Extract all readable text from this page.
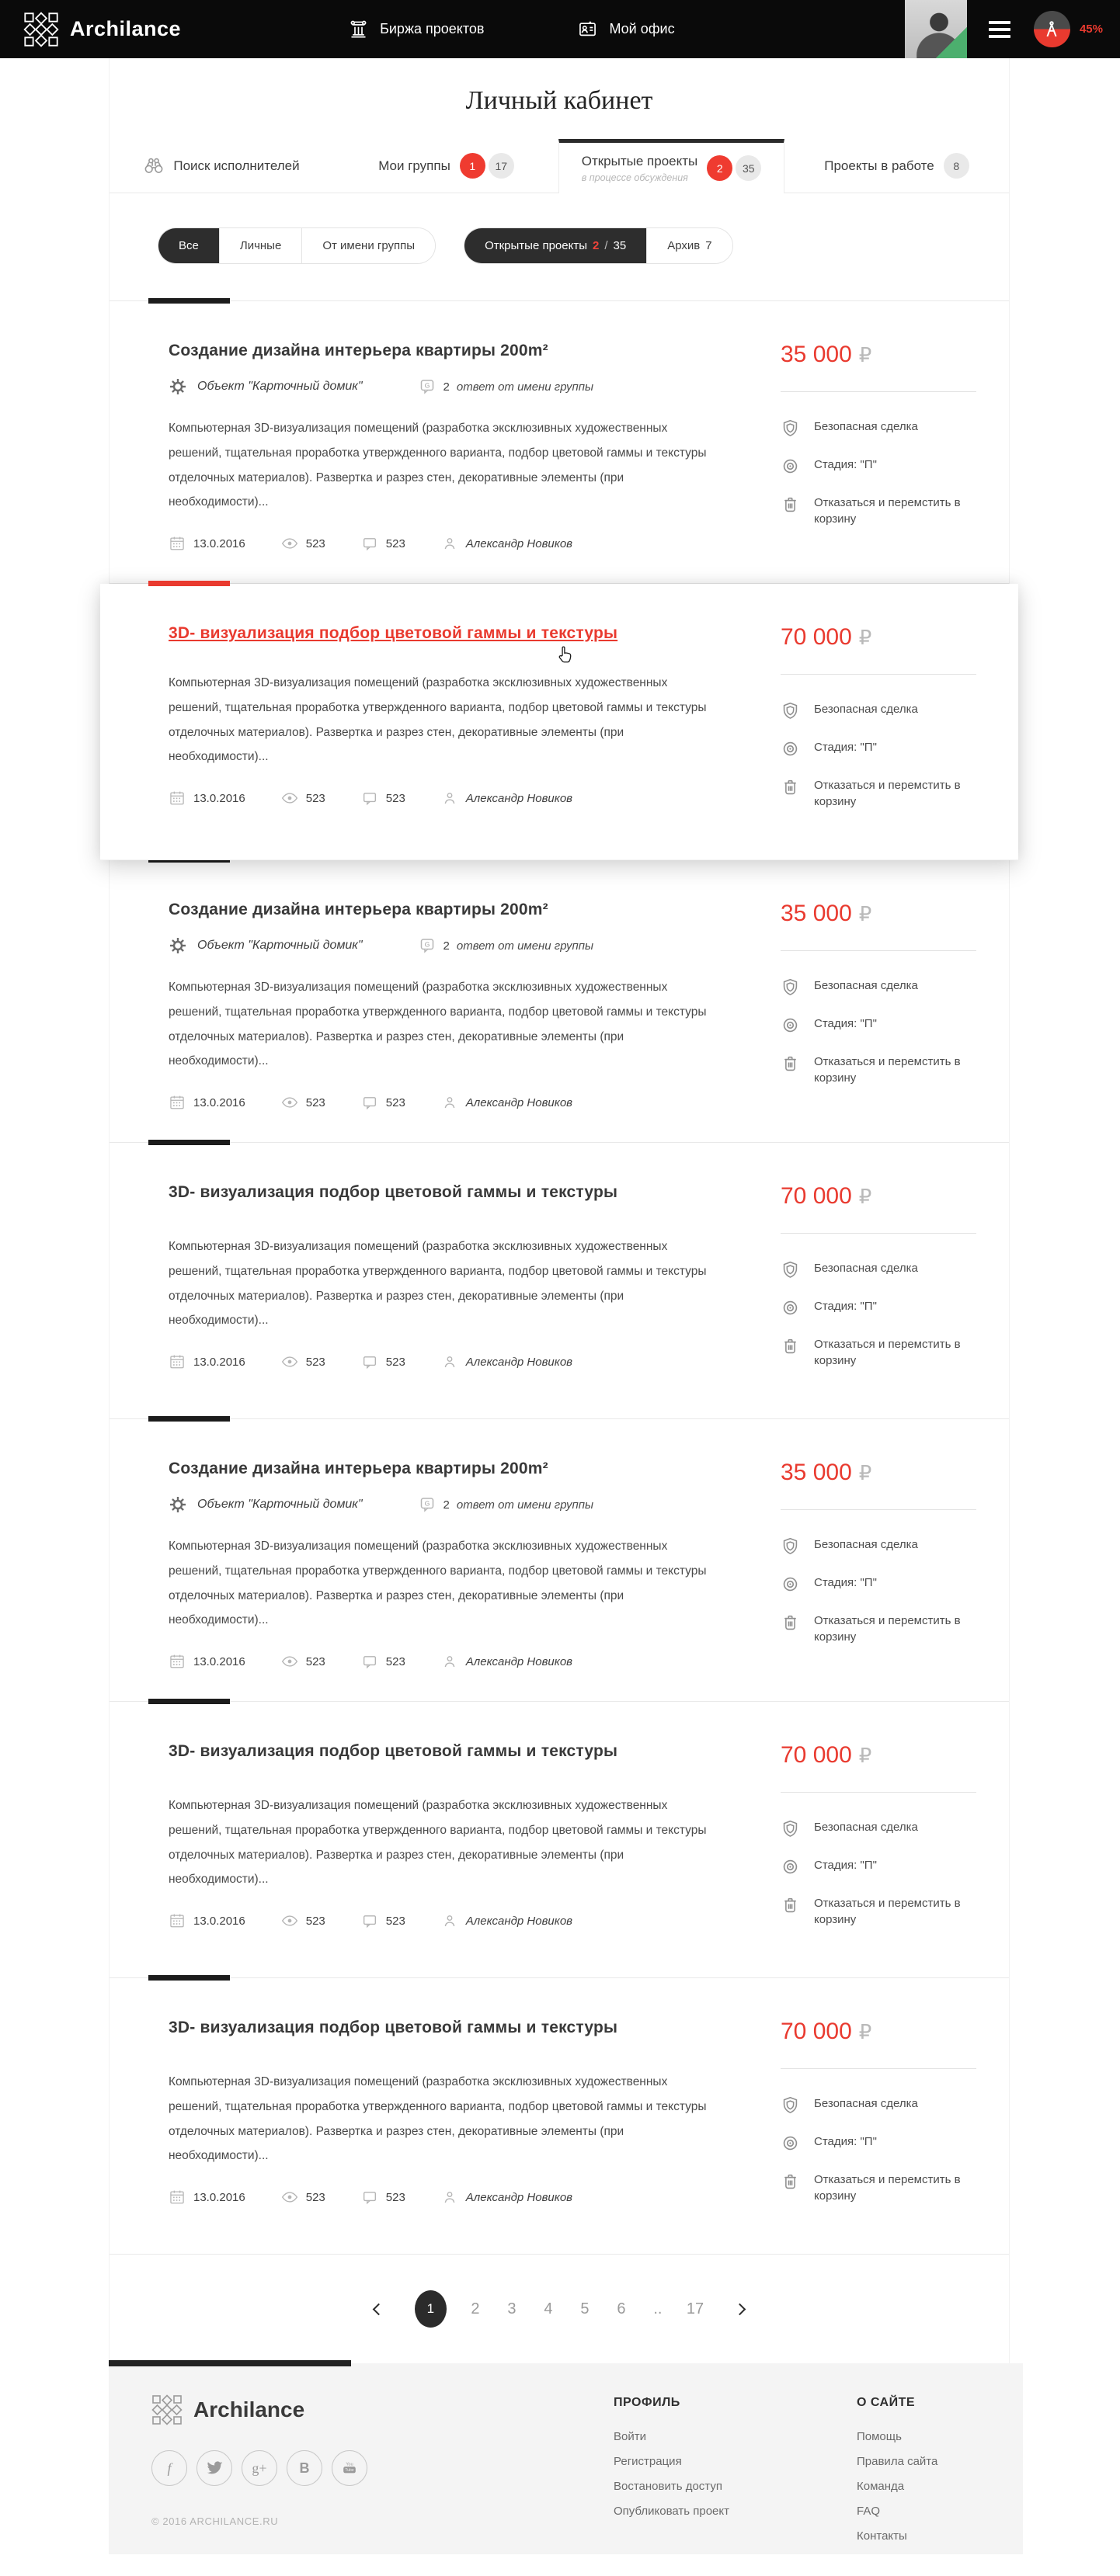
Archilance	Биржа проектов	Мой офис	45%
Личный кабинет
Поиск исполнителей	Мои группы	1	17	Открытые проекты
в процессе обсуждения
2	35	Проекты в работе	8
Все	Личные	От имени группы	Открытые проекты 2 / 35	Архив 7
Создание дизайна интерьера квартиры 200m²
Объект "Карточный домик"	G 2 ответ от имени группы

Компьютерная 3D-визуализация помещений (разработка эксклюзивных художественных решений, тщательная проработка утвержденного варианта, подбор цветовой гаммы и текстуры отделочных материалов). Развертка и разрез стен, декоративные элементы (при необходимости)...

13.0.2016	523	523	Александр Новиков
35 000 ₽
Безопасная сделка
Стадия: "П"
Отказаться и перемстить в корзину
3D- визуализация подбор цветовой гаммы и текстуры

Компьютерная 3D-визуализация помещений (разработка эксклюзивных художественных решений, тщательная проработка утвержденного варианта, подбор цветовой гаммы и текстуры отделочных материалов). Развертка и разрез стен, декоративные элементы (при необходимости)...

13.0.2016	523	523	Александр Новиков
70 000 ₽
Безопасная сделка
Стадия: "П"
Отказаться и перемстить в корзину
Создание дизайна интерьера квартиры 200m²
Объект "Карточный домик"	G 2 ответ от имени группы

Компьютерная 3D-визуализация помещений (разработка эксклюзивных художественных решений, тщательная проработка утвержденного варианта, подбор цветовой гаммы и текстуры отделочных материалов). Развертка и разрез стен, декоративные элементы (при необходимости)...

13.0.2016	523	523	Александр Новиков
35 000 ₽
Безопасная сделка
Стадия: "П"
Отказаться и перемстить в корзину
3D- визуализация подбор цветовой гаммы и текстуры

Компьютерная 3D-визуализация помещений (разработка эксклюзивных художественных решений, тщательная проработка утвержденного варианта, подбор цветовой гаммы и текстуры отделочных материалов). Развертка и разрез стен, декоративные элементы (при необходимости)...

13.0.2016	523	523	Александр Новиков
70 000 ₽
Безопасная сделка
Стадия: "П"
Отказаться и перемстить в корзину
Создание дизайна интерьера квартиры 200m²
Объект "Карточный домик"	G 2 ответ от имени группы

Компьютерная 3D-визуализация помещений (разработка эксклюзивных художественных решений, тщательная проработка утвержденного варианта, подбор цветовой гаммы и текстуры отделочных материалов). Развертка и разрез стен, декоративные элементы (при необходимости)...

13.0.2016	523	523	Александр Новиков
35 000 ₽
Безопасная сделка
Стадия: "П"
Отказаться и перемстить в корзину
3D- визуализация подбор цветовой гаммы и текстуры

Компьютерная 3D-визуализация помещений (разработка эксклюзивных художественных решений, тщательная проработка утвержденного варианта, подбор цветовой гаммы и текстуры отделочных материалов). Развертка и разрез стен, декоративные элементы (при необходимости)...

13.0.2016	523	523	Александр Новиков
70 000 ₽
Безопасная сделка
Стадия: "П"
Отказаться и перемстить в корзину
3D- визуализация подбор цветовой гаммы и текстуры

Компьютерная 3D-визуализация помещений (разработка эксклюзивных художественных решений, тщательная проработка утвержденного варианта, подбор цветовой гаммы и текстуры отделочных материалов). Развертка и разрез стен, декоративные элементы (при необходимости)...

13.0.2016	523	523	Александр Новиков
70 000 ₽
Безопасная сделка
Стадия: "П"
Отказаться и перемстить в корзину
1	2 3 4 5 6 .. 17
Archilance
f	g+	B	You
Tube
© 2016 ARCHILANCE.RU
ПРОФИЛЬ
Войти
Регистрация
Востановить доступ
Опубликовать проект
О САЙТЕ
Помощь
Правила сайта
Команда
FAQ
Контакты
